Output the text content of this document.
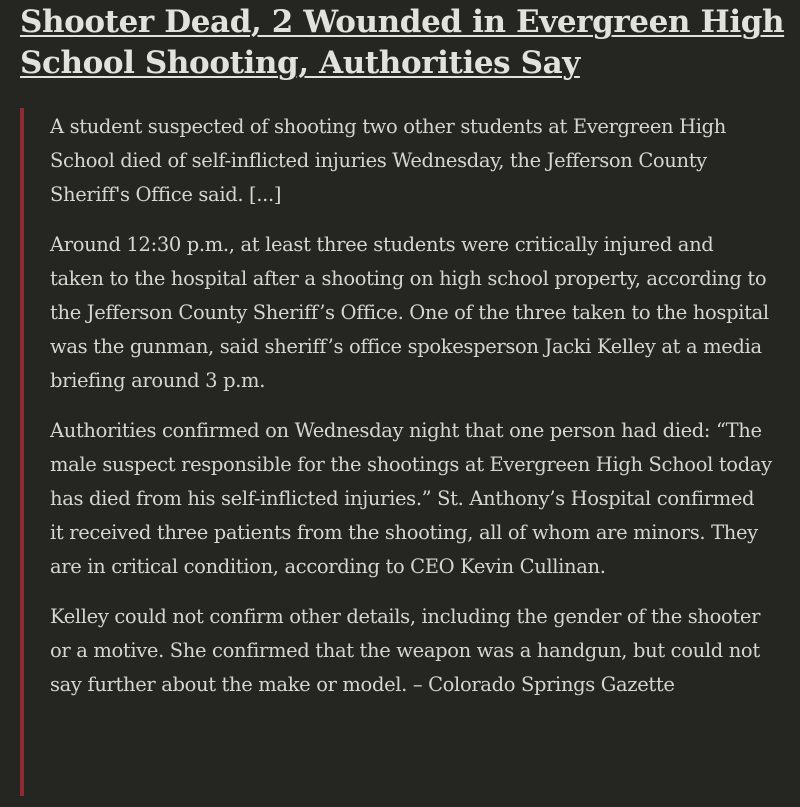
Shooter Dead, 2 Wounded in Evergreen High School Shooting, Authorities Say

A student suspected of shooting two other students at Evergreen High School died of self-inflicted injuries Wednesday, the Jefferson County Sheriff's Office said. [...]

Around 12:30 p.m., at least three students were critically injured and taken to the hospital after a shooting on high school property, according to the Jefferson County Sheriff’s Office. One of the three taken to the hospital was the gunman, said sheriff’s office spokesperson Jacki Kelley at a media briefing around 3 p.m.

Authorities confirmed on Wednesday night that one person had died: “The male suspect responsible for the shootings at Evergreen High School today has died from his self-inflicted injuries.” St. Anthony’s Hospital confirmed it received three patients from the shooting, all of whom are minors. They are in critical condition, according to CEO Kevin Cullinan.

Kelley could not confirm other details, including the gender of the shooter or a motive. She confirmed that the weapon was a handgun, but could not say further about the make or model. – Colorado Springs Gazette
